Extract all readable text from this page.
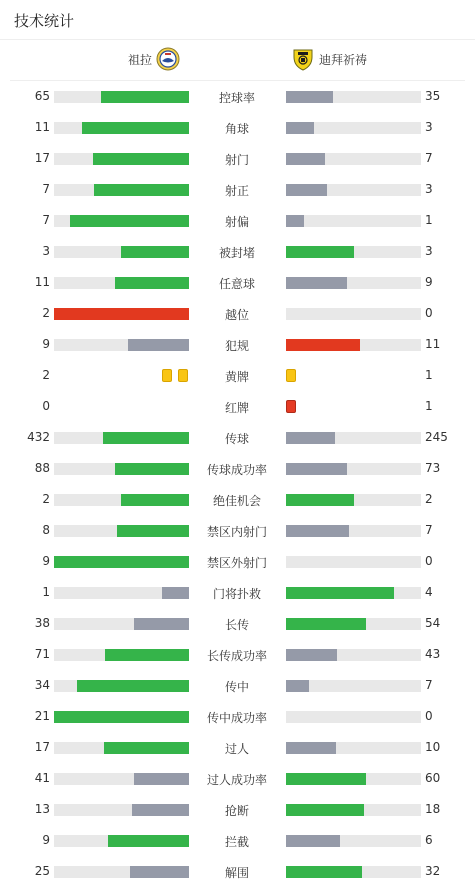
技术统计
祖拉	迪拜祈祷
65	控球率	35
11	角球	3
17	射门	7
7	射正	3
7	射偏	1
3	被封堵	3
11	任意球	9
2	越位	0
9	犯规	11
2	黄牌	1
0	红牌	1
432	传球	245
88	传球成功率	73
2	绝佳机会	2
8	禁区内射门	7
9	禁区外射门	0
1	门将扑救	4
38	长传	54
71	长传成功率	43
34	传中	7
21	传中成功率	0
17	过人	10
41	过人成功率	60
13	抢断	18
9	拦截	6
25	解围	32
